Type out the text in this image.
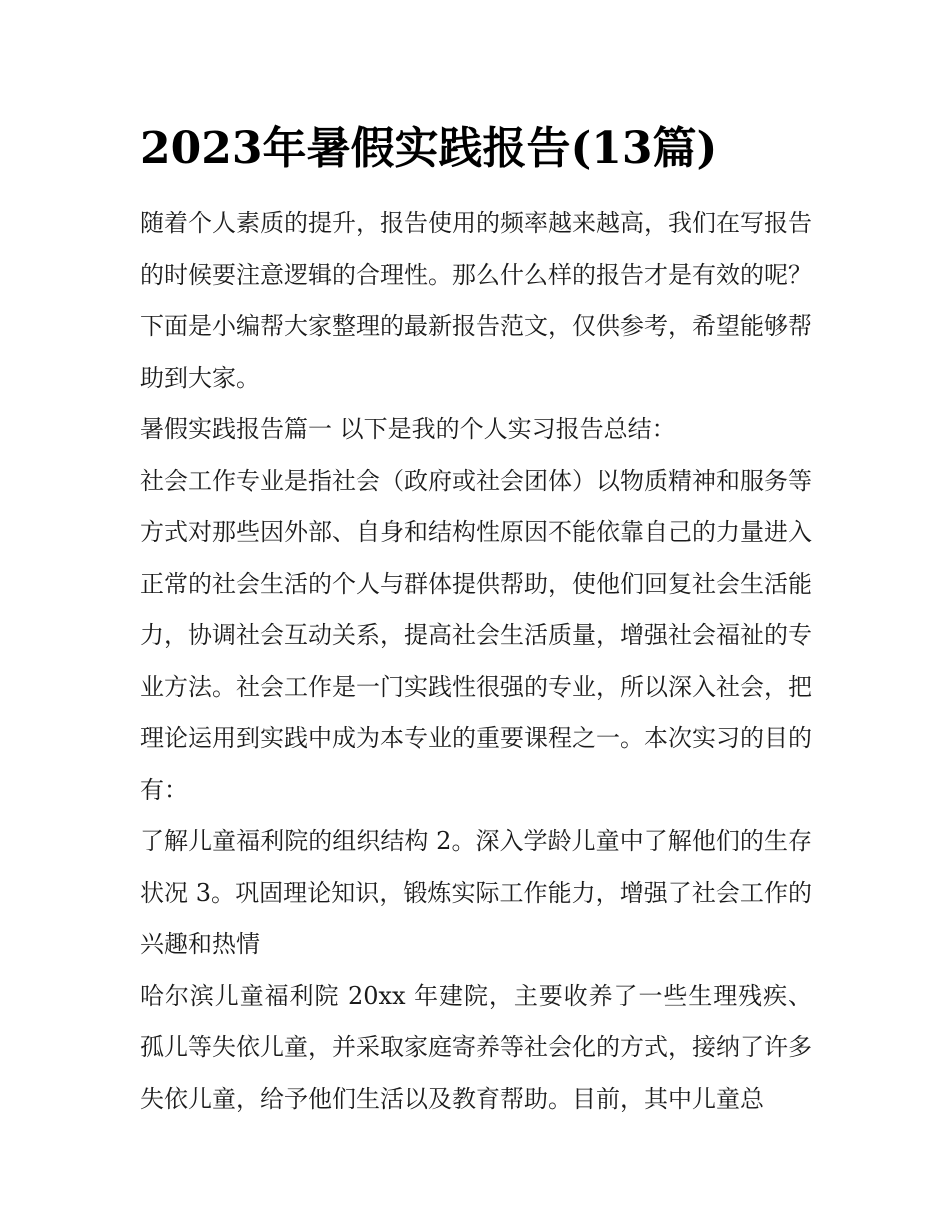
2023年暑假实践报告(13篇)

随着个人素质的提升，报告使用的频率越来越高，我们在写报告的时候要注意逻辑的合理性。那么什么样的报告才是有效的呢？下面是小编帮大家整理的最新报告范文，仅供参考，希望能够帮助到大家。

暑假实践报告篇一 以下是我的个人实习报告总结：

社会工作专业是指社会（政府或社会团体）以物质精神和服务等方式对那些因外部、自身和结构性原因不能依靠自己的力量进入正常的社会生活的个人与群体提供帮助，使他们回复社会生活能力，协调社会互动关系，提高社会生活质量，增强社会福祉的专业方法。社会工作是一门实践性很强的专业，所以深入社会，把理论运用到实践中成为本专业的重要课程之一。本次实习的目的有：

了解儿童福利院的组织结构 2。深入学龄儿童中了解他们的生存状况 3。巩固理论知识，锻炼实际工作能力，增强了社会工作的兴趣和热情

哈尔滨儿童福利院 20xx 年建院，主要收养了一些生理残疾、孤儿等失依儿童，并采取家庭寄养等社会化的方式，接纳了许多失依儿童，给予他们生活以及教育帮助。目前，其中儿童总
